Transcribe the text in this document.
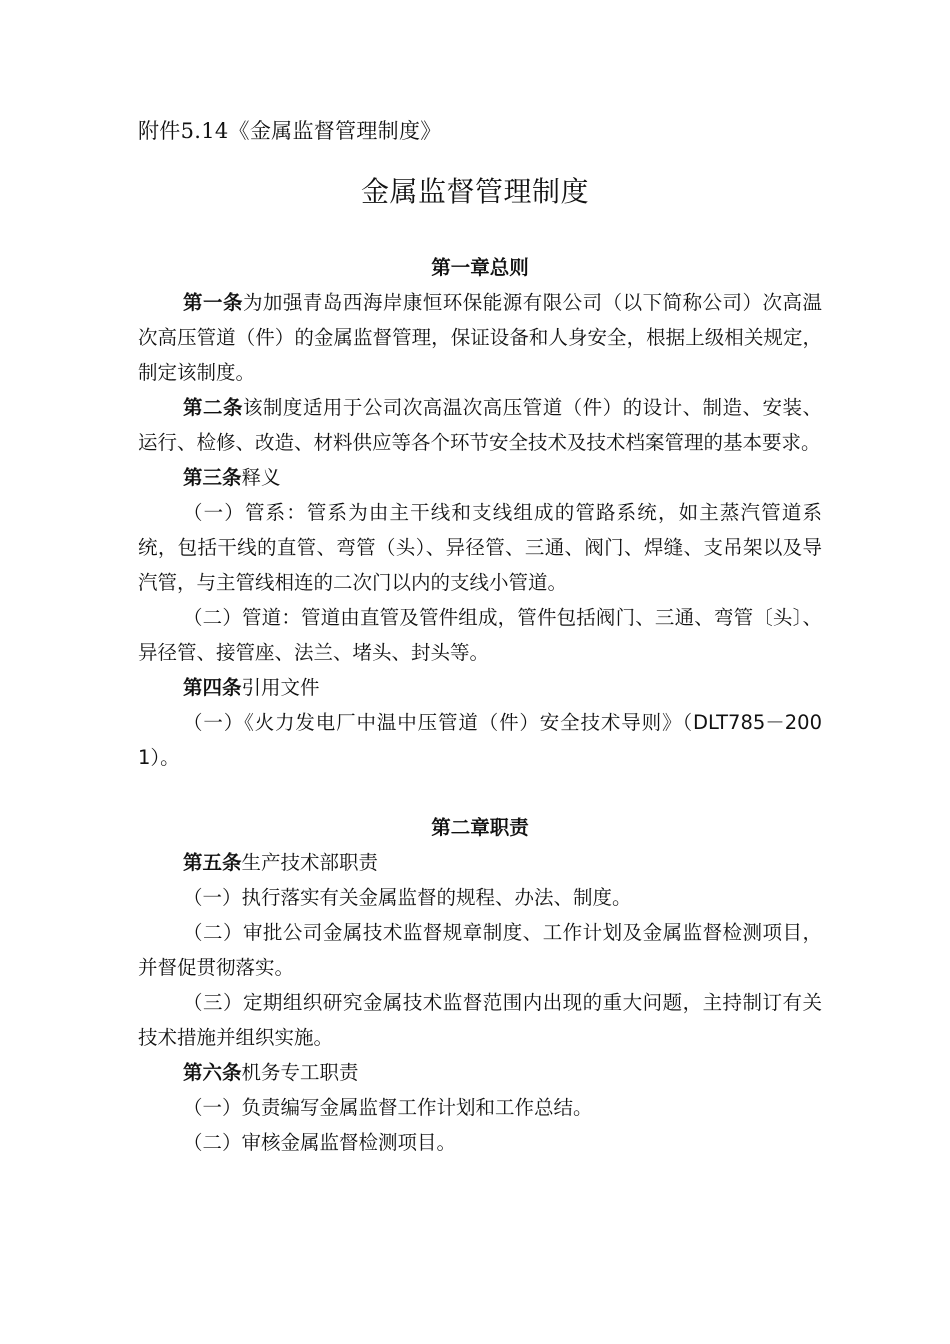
附件5.14《金属监督管理制度》
金属监督管理制度

第一章总则

第一条为加强青岛西海岸康恒环保能源有限公司（以下简称公司）次高温次高压管道（件）的金属监督管理，保证设备和人身安全，根据上级相关规定，制定该制度。

第二条该制度适用于公司次高温次高压管道（件）的设计、制造、安装、运行、检修、改造、材料供应等各个环节安全技术及技术档案管理的基本要求。

第三条释义

（一）管系：管系为由主干线和支线组成的管路系统，如主蒸汽管道系统，包括干线的直管、弯管（头）、异径管、三通、阀门、焊缝、支吊架以及导汽管，与主管线相连的二次门以内的支线小管道。

（二）管道：管道由直管及管件组成，管件包括阀门、三通、弯管〔头〕、异径管、接管座、法兰、堵头、封头等。

第四条引用文件

（一）《火力发电厂中温中压管道（件）安全技术导则》（DLT785－2001）。

第二章职责

第五条生产技术部职责

（一）执行落实有关金属监督的规程、办法、制度。

（二）审批公司金属技术监督规章制度、工作计划及金属监督检测项目，并督促贯彻落实。

（三）定期组织研究金属技术监督范围内出现的重大问题，主持制订有关技术措施并组织实施。

第六条机务专工职责

（一）负责编写金属监督工作计划和工作总结。

（二）审核金属监督检测项目。
